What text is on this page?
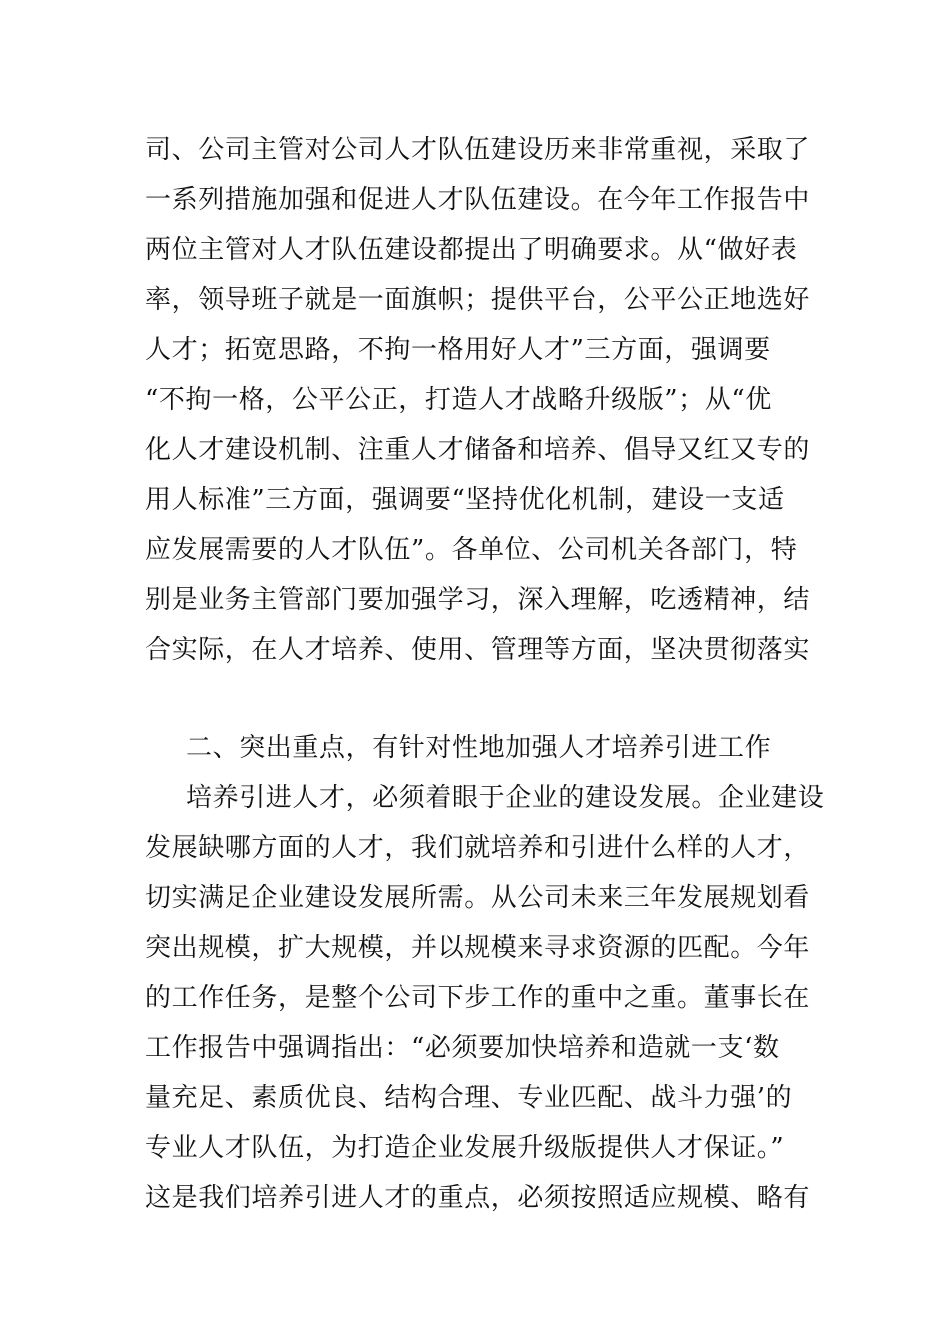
司、公司主管对公司人才队伍建设历来非常重视，采取了
一系列措施加强和促进人才队伍建设。在今年工作报告中
两位主管对人才队伍建设都提出了明确要求。从“做好表
率，领导班子就是一面旗帜；提供平台，公平公正地选好
人才；拓宽思路，不拘一格用好人才”三方面，强调要
“不拘一格，公平公正，打造人才战略升级版”；从“优
化人才建设机制、注重人才储备和培养、倡导又红又专的
用人标准”三方面，强调要“坚持优化机制，建设一支适
应发展需要的人才队伍”。各单位、公司机关各部门，特
别是业务主管部门要加强学习，深入理解，吃透精神，结
合实际，在人才培养、使用、管理等方面，坚决贯彻落实
二、突出重点，有针对性地加强人才培养引进工作
培养引进人才，必须着眼于企业的建设发展。企业建设
发展缺哪方面的人才，我们就培养和引进什么样的人才，
切实满足企业建设发展所需。从公司未来三年发展规划看
突出规模，扩大规模，并以规模来寻求资源的匹配。今年
的工作任务，是整个公司下步工作的重中之重。董事长在
工作报告中强调指出：“必须要加快培养和造就一支‘数
量充足、素质优良、结构合理、专业匹配、战斗力强’的
专业人才队伍，为打造企业发展升级版提供人才保证。”
这是我们培养引进人才的重点，必须按照适应规模、略有
